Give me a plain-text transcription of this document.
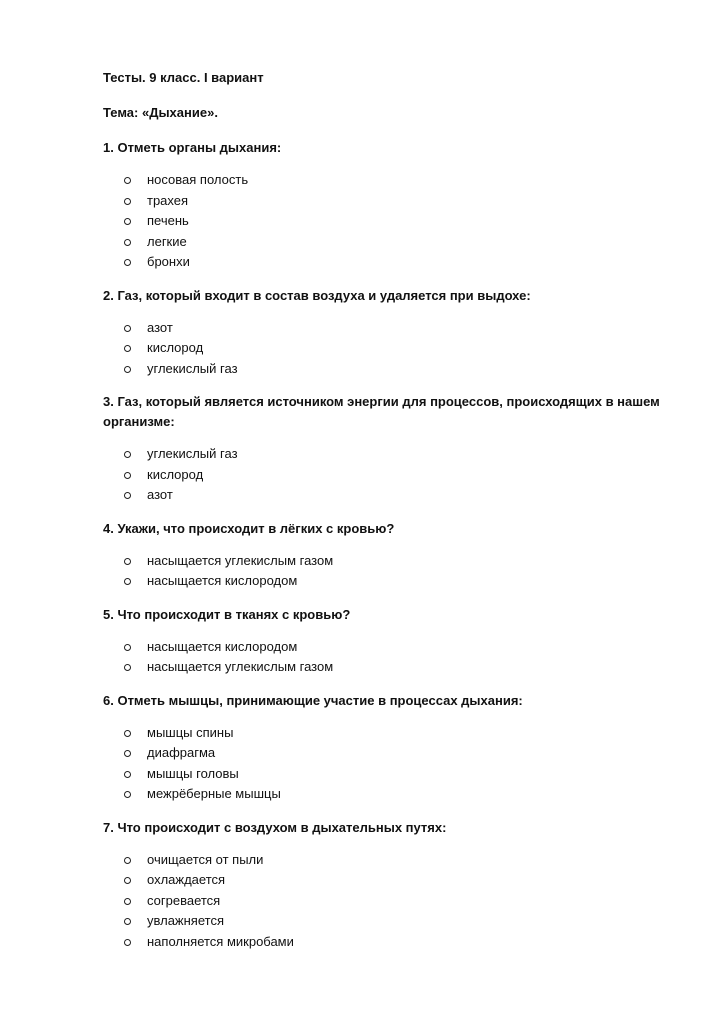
Тесты. 9 класс. I вариант

Тема: «Дыхание».

1. Отметь органы дыхания:

носовая полость
трахея
печень
легкие
бронхи

2. Газ, который входит в состав воздуха и удаляется при выдохе:

азот
кислород
углекислый газ

3. Газ, который является источником энергии для процессов, происходящих в нашем организме:

углекислый газ
кислород
азот

4. Укажи, что происходит в лёгких с кровью?

насыщается углекислым газом
насыщается кислородом

5. Что происходит в тканях с кровью?

насыщается кислородом
насыщается углекислым газом

6. Отметь мышцы, принимающие участие в процессах дыхания:

мышцы спины
диафрагма
мышцы головы
межрёберные мышцы

7. Что происходит с воздухом в дыхательных путях:

очищается от пыли
охлаждается
согревается
увлажняется
наполняется микробами
